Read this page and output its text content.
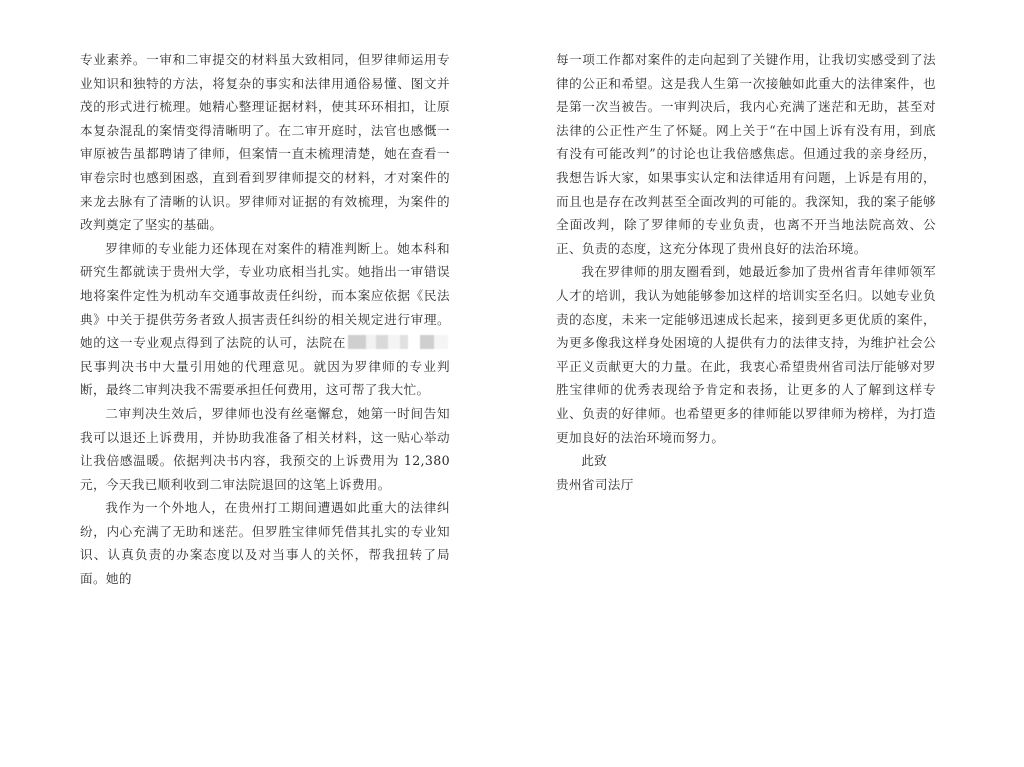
专业素养。一审和二审提交的材料虽大致相同，但罗律师运用专业知识和独特的方法，将复杂的事实和法律用通俗易懂、图文并茂的形式进行梳理。她精心整理证据材料，使其环环相扣，让原本复杂混乱的案情变得清晰明了。在二审开庭时，法官也感慨一审原被告虽都聘请了律师，但案情一直未梳理清楚，她在查看一审卷宗时也感到困惑，直到看到罗律师提交的材料，才对案件的来龙去脉有了清晰的认识。罗律师对证据的有效梳理，为案件的改判奠定了坚实的基础。

罗律师的专业能力还体现在对案件的精准判断上。她本科和研究生都就读于贵州大学，专业功底相当扎实。她指出一审错误地将案件定性为机动车交通事故责任纠纷，而本案应依据《民法典》中关于提供劳务者致人损害责任纠纷的相关规定进行审理。她的这一专业观点得到了法院的认可，法院在民事判决书中大量引用她的代理意见。就因为罗律师的专业判断，最终二审判决我不需要承担任何费用，这可帮了我大忙。

二审判决生效后，罗律师也没有丝毫懈怠，她第一时间告知我可以退还上诉费用，并协助我准备了相关材料，这一贴心举动让我倍感温暖。依据判决书内容，我预交的上诉费用为 12,380 元，今天我已顺利收到二审法院退回的这笔上诉费用。

我作为一个外地人，在贵州打工期间遭遇如此重大的法律纠纷，内心充满了无助和迷茫。但罗胜宝律师凭借其扎实的专业知识、认真负责的办案态度以及对当事人的关怀，帮我扭转了局面。她的

每一项工作都对案件的走向起到了关键作用，让我切实感受到了法律的公正和希望。这是我人生第一次接触如此重大的法律案件，也是第一次当被告。一审判决后，我内心充满了迷茫和无助，甚至对法律的公正性产生了怀疑。网上关于“在中国上诉有没有用，到底有没有可能改判”的讨论也让我倍感焦虑。但通过我的亲身经历，我想告诉大家，如果事实认定和法律适用有问题，上诉是有用的，而且也是存在改判甚至全面改判的可能的。我深知，我的案子能够全面改判，除了罗律师的专业负责，也离不开当地法院高效、公正、负责的态度，这充分体现了贵州良好的法治环境。

我在罗律师的朋友圈看到，她最近参加了贵州省青年律师领军人才的培训，我认为她能够参加这样的培训实至名归。以她专业负责的态度，未来一定能够迅速成长起来，接到更多更优质的案件，为更多像我这样身处困境的人提供有力的法律支持，为维护社会公平正义贡献更大的力量。在此，我衷心希望贵州省司法厅能够对罗胜宝律师的优秀表现给予肯定和表扬，让更多的人了解到这样专业、负责的好律师。也希望更多的律师能以罗律师为榜样，为打造更加良好的法治环境而努力。

此致

贵州省司法厅
